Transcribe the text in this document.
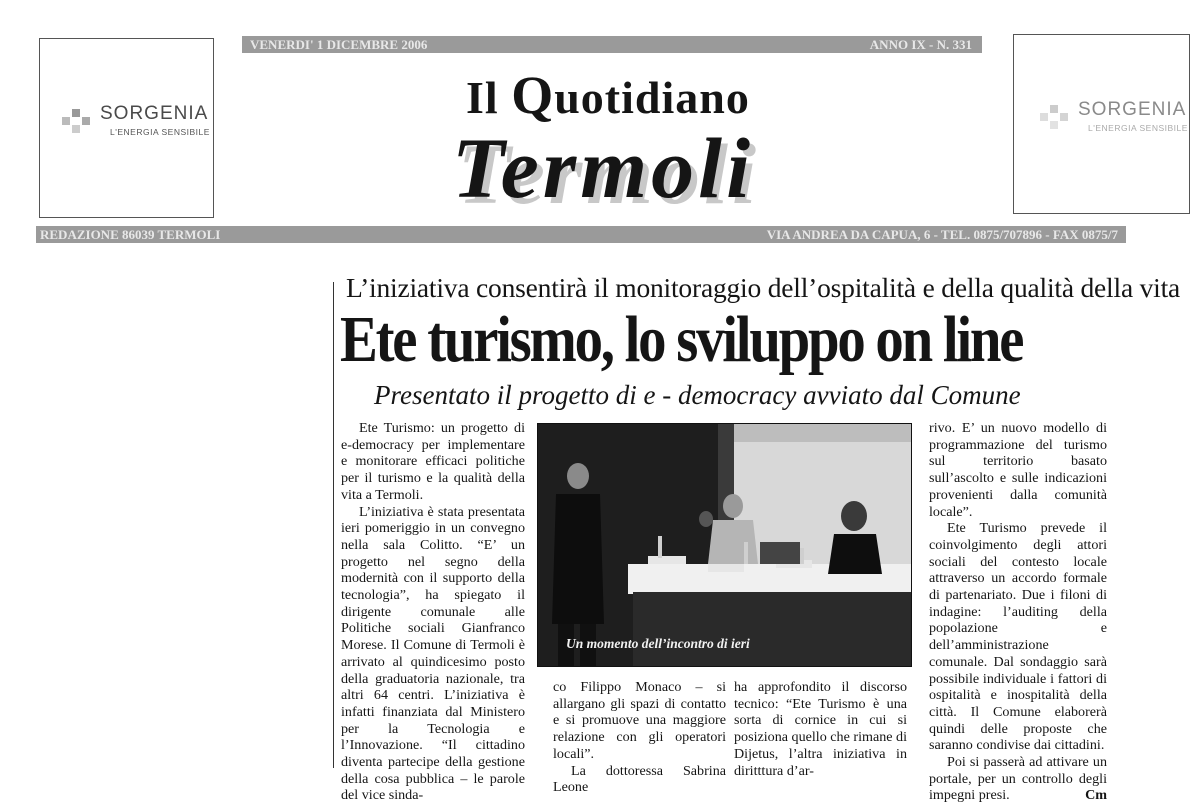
SORGENIA
L'ENERGIA SENSIBILE
SORGENIA
L'ENERGIA SENSIBILE
VENERDI' 1 DICEMBRE 2006	ANNO IX - N. 331
Il Quotidiano
Termoli
REDAZIONE 86039 TERMOLI	VIA ANDREA DA CAPUA, 6 - TEL. 0875/707896 - FAX 0875/7
L’iniziativa consentirà il monitoraggio dell’ospitalità e della qualità della vita
Ete turismo, lo sviluppo on line
Presentato il progetto di e - democracy avviato dal Comune

Ete Turismo: un progetto di e-democracy per implementare e monitorare efficaci politiche per il turismo e la qualità della vita a Termoli.

L’iniziativa è stata presentata ieri pomeriggio in un convegno nella sala Colitto. “E’ un progetto nel segno della modernità con il supporto della tecnologia”, ha spiegato il dirigente comunale alle Politiche sociali Gianfranco Morese. Il Comune di Termoli è arrivato al quindicesimo posto della graduatoria nazionale, tra altri 64 centri. L’iniziativa è infatti finanziata dal Ministero per la Tecnologia e l’Innovazione. “Il cittadino diventa partecipe della gestione della cosa pubblica – le parole del vice sinda-

Un momento dell’incontro di ieri

co Filippo Monaco – si allargano gli spazi di contatto e si promuove una maggiore relazione con gli operatori locali”.

La dottoressa Sabrina Leone

ha approfondito il discorso tecnico: “Ete Turismo è una sorta di cornice in cui si posiziona quello che rimane di Dijetus, l’altra iniziativa in diritttura d’ar-

rivo. E’ un nuovo modello di programmazione del turismo sul territorio basato sull’ascolto e sulle indicazioni provenienti dalla comunità locale”.

Ete Turismo prevede il coinvolgimento degli attori sociali del contesto locale attraverso un accordo formale di partenariato. Due i filoni di indagine: l’auditing della popolazione e dell’amministrazione comunale. Dal sondaggio sarà possibile individuale i fattori di ospitalità e inospitalità della città. Il Comune elaborerà quindi delle proposte che saranno condivise dai cittadini.

Poi si passerà ad attivare un portale, per un controllo degli impegni presi.	Cm
